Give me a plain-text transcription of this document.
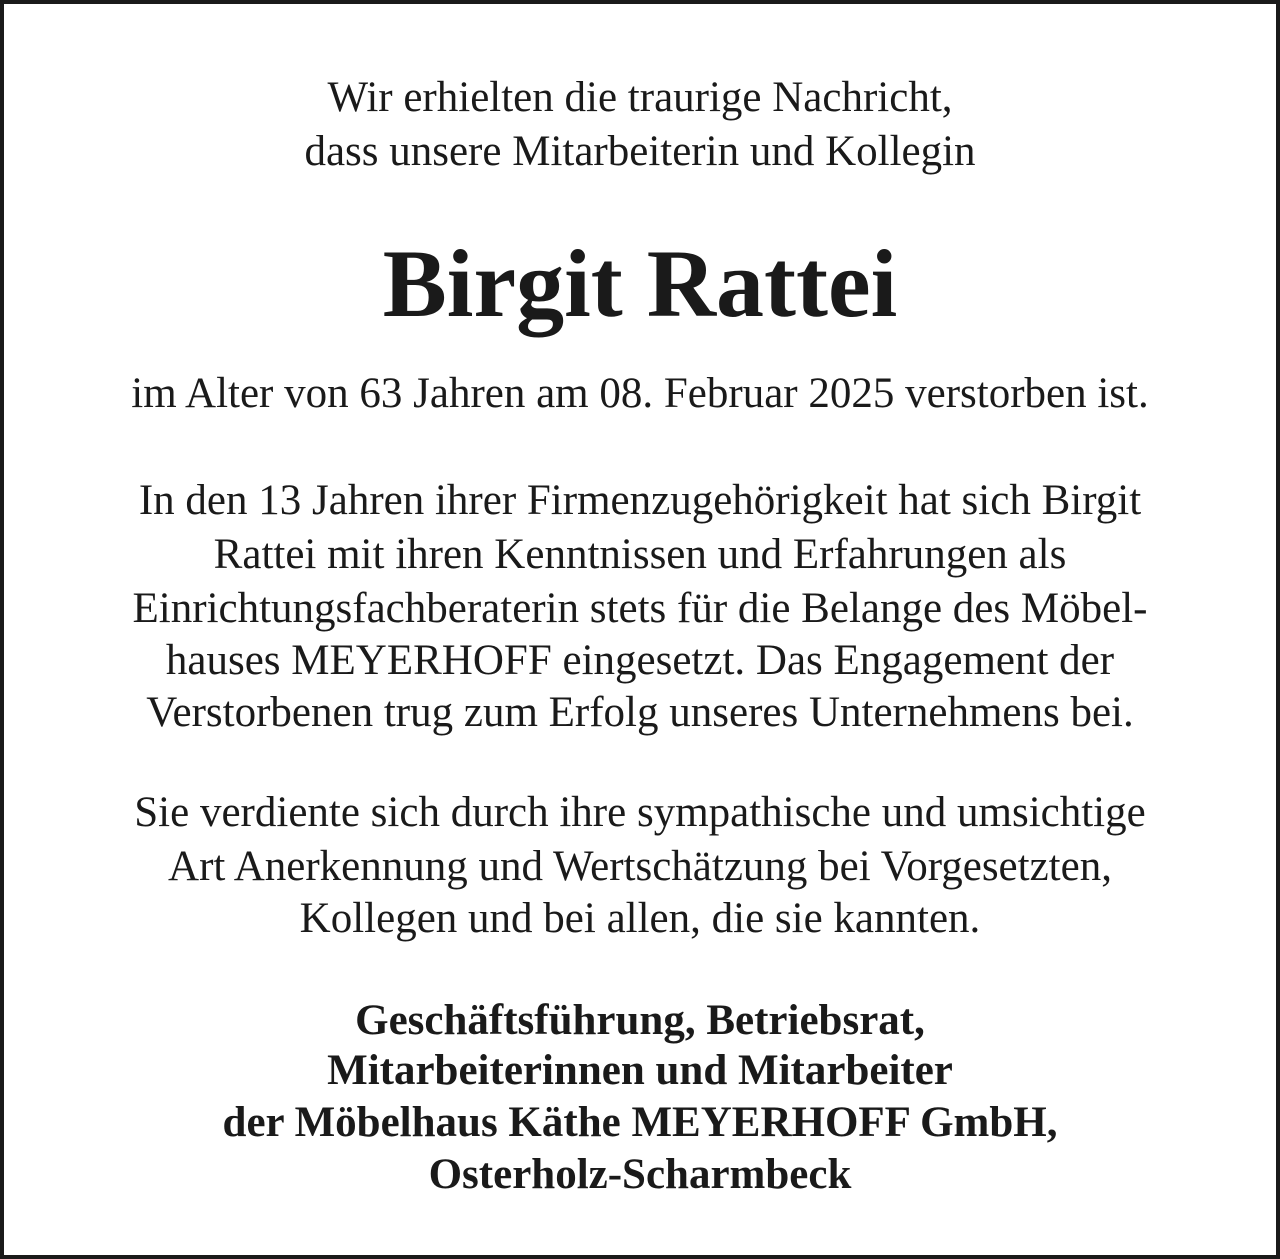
Wir erhielten die traurige Nachricht,
dass unsere Mitarbeiterin und Kollegin
Birgit Rattei
im Alter von 63 Jahren am 08. Februar 2025 verstorben ist.
In den 13 Jahren ihrer Firmenzugehörigkeit hat sich Birgit
Rattei mit ihren Kenntnissen und Erfahrungen als
Einrichtungsfachberaterin stets für die Belange des Möbel-
hauses MEYERHOFF eingesetzt. Das Engagement der
Verstorbenen trug zum Erfolg unseres Unternehmens bei.
Sie verdiente sich durch ihre sympathische und umsichtige
Art Anerkennung und Wertschätzung bei Vorgesetzten,
Kollegen und bei allen, die sie kannten.
Geschäftsführung, Betriebsrat,
Mitarbeiterinnen und Mitarbeiter
der Möbelhaus Käthe MEYERHOFF GmbH,
Osterholz-Scharmbeck
